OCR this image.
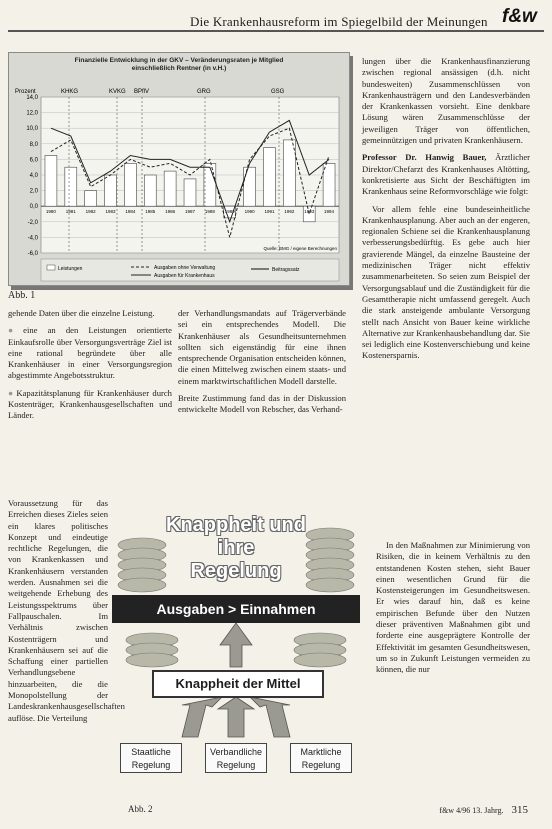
Die Krankenhausreform im Spiegelbild der Meinungen f&w
Finanzielle Entwicklung in der GKV – Veränderungsraten je Mitglied
einschließlich Rentner (in v.H.)
14,0
12,0
10,0
8,0
6,0
4,0
2,0
0,0
-2,0
-4,0
-6,0
Prozent
1980 1981 1982 1983 1984 1985 1986 1987 1988 1989 1990 1991 1992 1993 1994
KHKG	KVKG BPflV	GRG	GSG
Quelle: BMG / eigene Berechnungen
Leistungen	Ausgaben ohne Verwaltung
Ausgaben für Krankenhaus
Beitragssatz
Abb. 1

gehende Daten über die einzelne Leistung.

● eine an den Leistungen orientierte Einkaufsrolle über Versorgungsverträge Ziel ist eine rational begründete über alle Krankenhäuser in einer Versorgungsregion abgestimmte Angebotsstruktur.

● Kapazitätsplanung für Krankenhäuser durch Kostenträger, Krankenhausgesellschaften und Länder.

Voraussetzung für das Erreichen dieses Zieles seien ein klares politisches Konzept und eindeutige rechtliche Regelungen, die von Krankenkassen und Krankenhäusern verstanden werden. Ausnahmen sei die weitgehende Erhebung des Leistungsspektrums über Fallpauschalen. Im Verhältnis zwischen Kostenträgern und Krankenhäusern sei auf die Schaffung einer partiellen Verhandlungsebene hinzuarbeiten, die die Monopolstellung der Landeskrankenhausgesellschaften auflöse. Die Verteilung

der Verhandlungsmandats auf Trägerverbände sei ein entsprechendes Modell. Die Krankenhäuser als Gesundheitsunternehmen sollten sich eigenständig für eine ihnen entsprechende Organisation entscheiden können, die einen Mittelweg zwischen einem staats- und einem marktwirtschaftlichen Modell darstelle.

Breite Zustimmung fand das in der Diskussion entwickelte Modell von Rebscher, das Verhand-

lungen über die Krankenhausfinanzierung zwischen regional ansässigen (d.h. nicht bundesweiten) Zusammenschlüssen von Krankenhausträgern und den Landesverbänden der Krankenkassen vorsieht. Eine denkbare Lösung wären Zusammenschlüsse der jeweiligen Träger von öffentlichen, gemeinnützigen und privaten Krankenhäusern.

Professor Dr. Hanwig Bauer, Ärztlicher Direktor/Chefarzt des Krankenhauses Altötting, konkretisierte aus Sicht der Beschäftigten im Krankenhaus seine Reformvorschläge wie folgt:

Vor allem fehle eine bundeseinheitliche Krankenhausplanung. Aber auch an der engeren, regionalen Schiene sei die Krankenhausplanung verbesserungsbedürftig. Es gebe auch hier gravierende Mängel, da einzelne Bausteine der medizinischen Träger nicht effektiv zusammenarbeiteten. So seien zum Beispiel der Versorgungsablauf und die Zuständigkeit für die Gesamttherapie nicht umfassend geregelt. Auch die stark ansteigende ambulante Versorgung stellt nach Ansicht von Bauer keine wirkliche Alternative zur Krankenhausbehandlung dar. Sie sei lediglich eine Kostenverschiebung und keine Kostenersparnis.

In den Maßnahmen zur Minimierung von Risiken, die in keinem Verhältnis zu den entstandenen Kosten stehen, sieht Bauer einen wesentlichen Grund für die Kostensteigerungen im Gesundheitswesen. Er wies darauf hin, daß es keine empirischen Befunde über den Nutzen dieser präventiven Maßnahmen gibt und forderte eine ausgeprägtere Kontrolle der Effektivität im gesamten Gesundheitswesen, um so in Zukunft Leistungen vermeiden zu können, die nur

Knappheit und
ihre
Regelung
Ausgaben > Einnahmen
Knappheit der Mittel
Staatliche Regelung
Verbandliche Regelung
Marktliche Regelung
Abb. 2	f&w 4/96 13. Jahrg. 315
